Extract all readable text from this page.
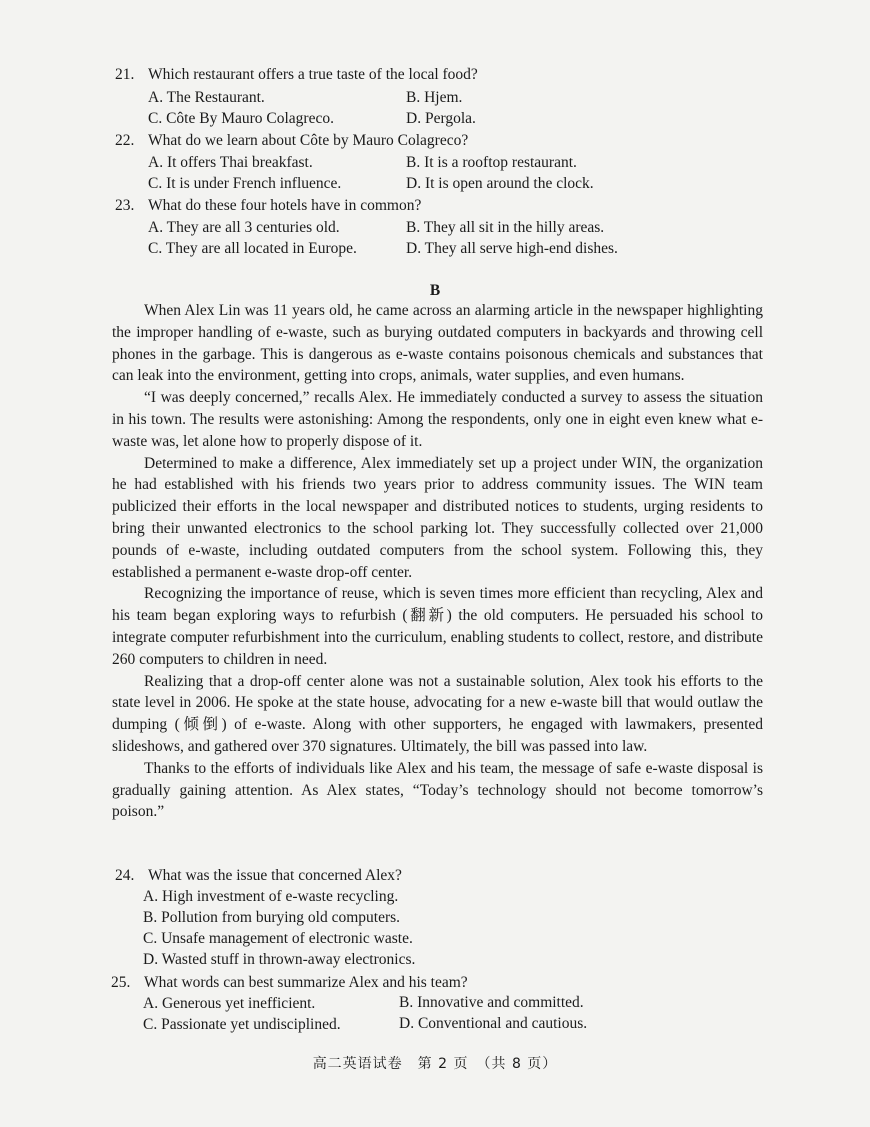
21. Which restaurant offers a true taste of the local food?
A. The Restaurant.	B. Hjem.
C. Côte By Mauro Colagreco.	D. Pergola.
22. What do we learn about Côte by Mauro Colagreco?
A. It offers Thai breakfast.	B. It is a rooftop restaurant.
C. It is under French influence.	D. It is open around the clock.
23. What do these four hotels have in common?
A. They are all 3 centuries old.	B. They all sit in the hilly areas.
C. They are all located in Europe.	D. They all serve high-end dishes.
B

When Alex Lin was 11 years old, he came across an alarming article in the newspaper highlighting the improper handling of e-waste, such as burying outdated computers in backyards and throwing cell phones in the garbage. This is dangerous as e-waste contains poisonous chemicals and substances that can leak into the environment, getting into crops, animals, water supplies, and even humans.

“I was deeply concerned,” recalls Alex. He immediately conducted a survey to assess the situation in his town. The results were astonishing: Among the respondents, only one in eight even knew what e-waste was, let alone how to properly dispose of it.

Determined to make a difference, Alex immediately set up a project under WIN, the organization he had established with his friends two years prior to address community issues. The WIN team publicized their efforts in the local newspaper and distributed notices to students, urging residents to bring their unwanted electronics to the school parking lot. They successfully collected over 21,000 pounds of e-waste, including outdated computers from the school system. Following this, they established a permanent e-waste drop-off center.

Recognizing the importance of reuse, which is seven times more efficient than recycling, Alex and his team began exploring ways to refurbish (翻新) the old computers. He persuaded his school to integrate computer refurbishment into the curriculum, enabling students to collect, restore, and distribute 260 computers to children in need.

Realizing that a drop-off center alone was not a sustainable solution, Alex took his efforts to the state level in 2006. He spoke at the state house, advocating for a new e-waste bill that would outlaw the dumping (倾倒) of e-waste. Along with other supporters, he engaged with lawmakers, presented slideshows, and gathered over 370 signatures. Ultimately, the bill was passed into law.

Thanks to the efforts of individuals like Alex and his team, the message of safe e-waste disposal is gradually gaining attention. As Alex states, “Today’s technology should not become tomorrow’s poison.”

24. What was the issue that concerned Alex?
A. High investment of e-waste recycling.
B. Pollution from burying old computers.
C. Unsafe management of electronic waste.
D. Wasted stuff in thrown-away electronics.
25. What words can best summarize Alex and his team?
A. Generous yet inefficient.	B. Innovative and committed.
C. Passionate yet undisciplined.	D. Conventional and cautious.
高二英语试卷　第 2 页　（共 8 页）
